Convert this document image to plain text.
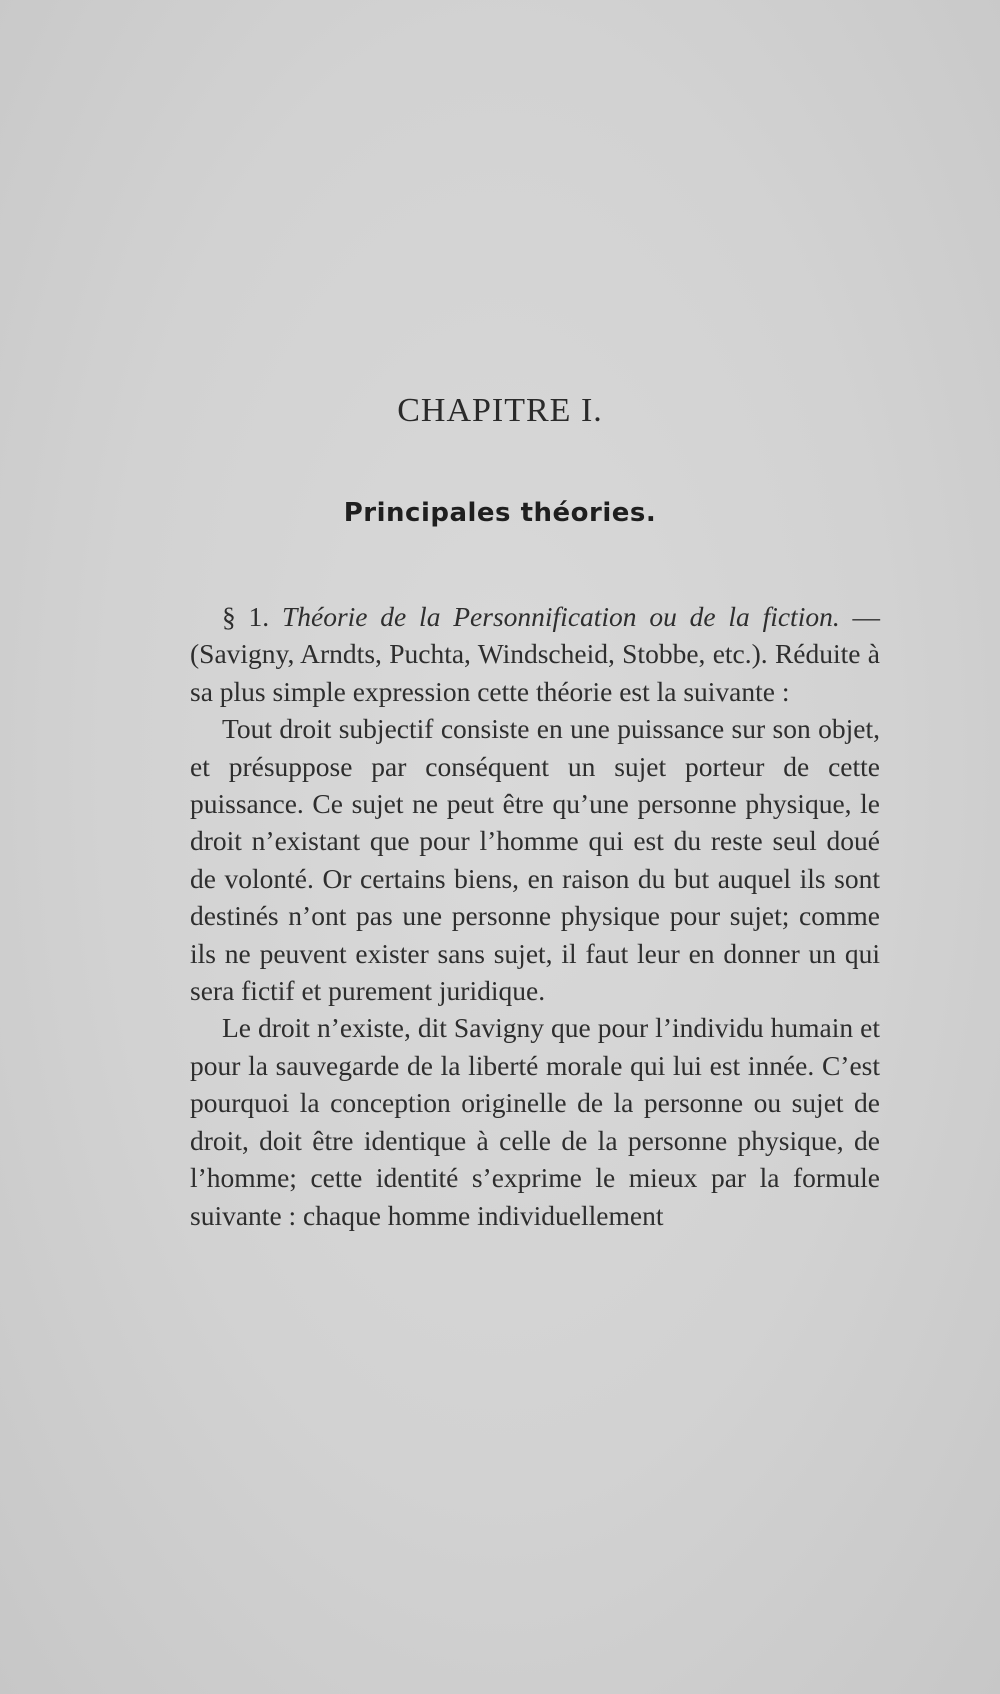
CHAPITRE I.
Principales théories.

§ 1. Théorie de la Personnification ou de la fiction. — (Savigny, Arndts, Puchta, Windscheid, Stobbe, etc.). Réduite à sa plus simple expression cette théorie est la suivante :

Tout droit subjectif consiste en une puissance sur son objet, et présuppose par conséquent un sujet porteur de cette puissance. Ce sujet ne peut être qu’une personne physique, le droit n’existant que pour l’homme qui est du reste seul doué de volonté. Or certains biens, en raison du but auquel ils sont destinés n’ont pas une personne physique pour sujet; comme ils ne peuvent exister sans sujet, il faut leur en donner un qui sera fictif et purement juridique.

Le droit n’existe, dit Savigny que pour l’individu humain et pour la sauvegarde de la liberté morale qui lui est innée. C’est pourquoi la conception originelle de la personne ou sujet de droit, doit être identique à celle de la personne physique, de l’homme; cette identité s’exprime le mieux par la formule suivante : chaque homme individuellement
